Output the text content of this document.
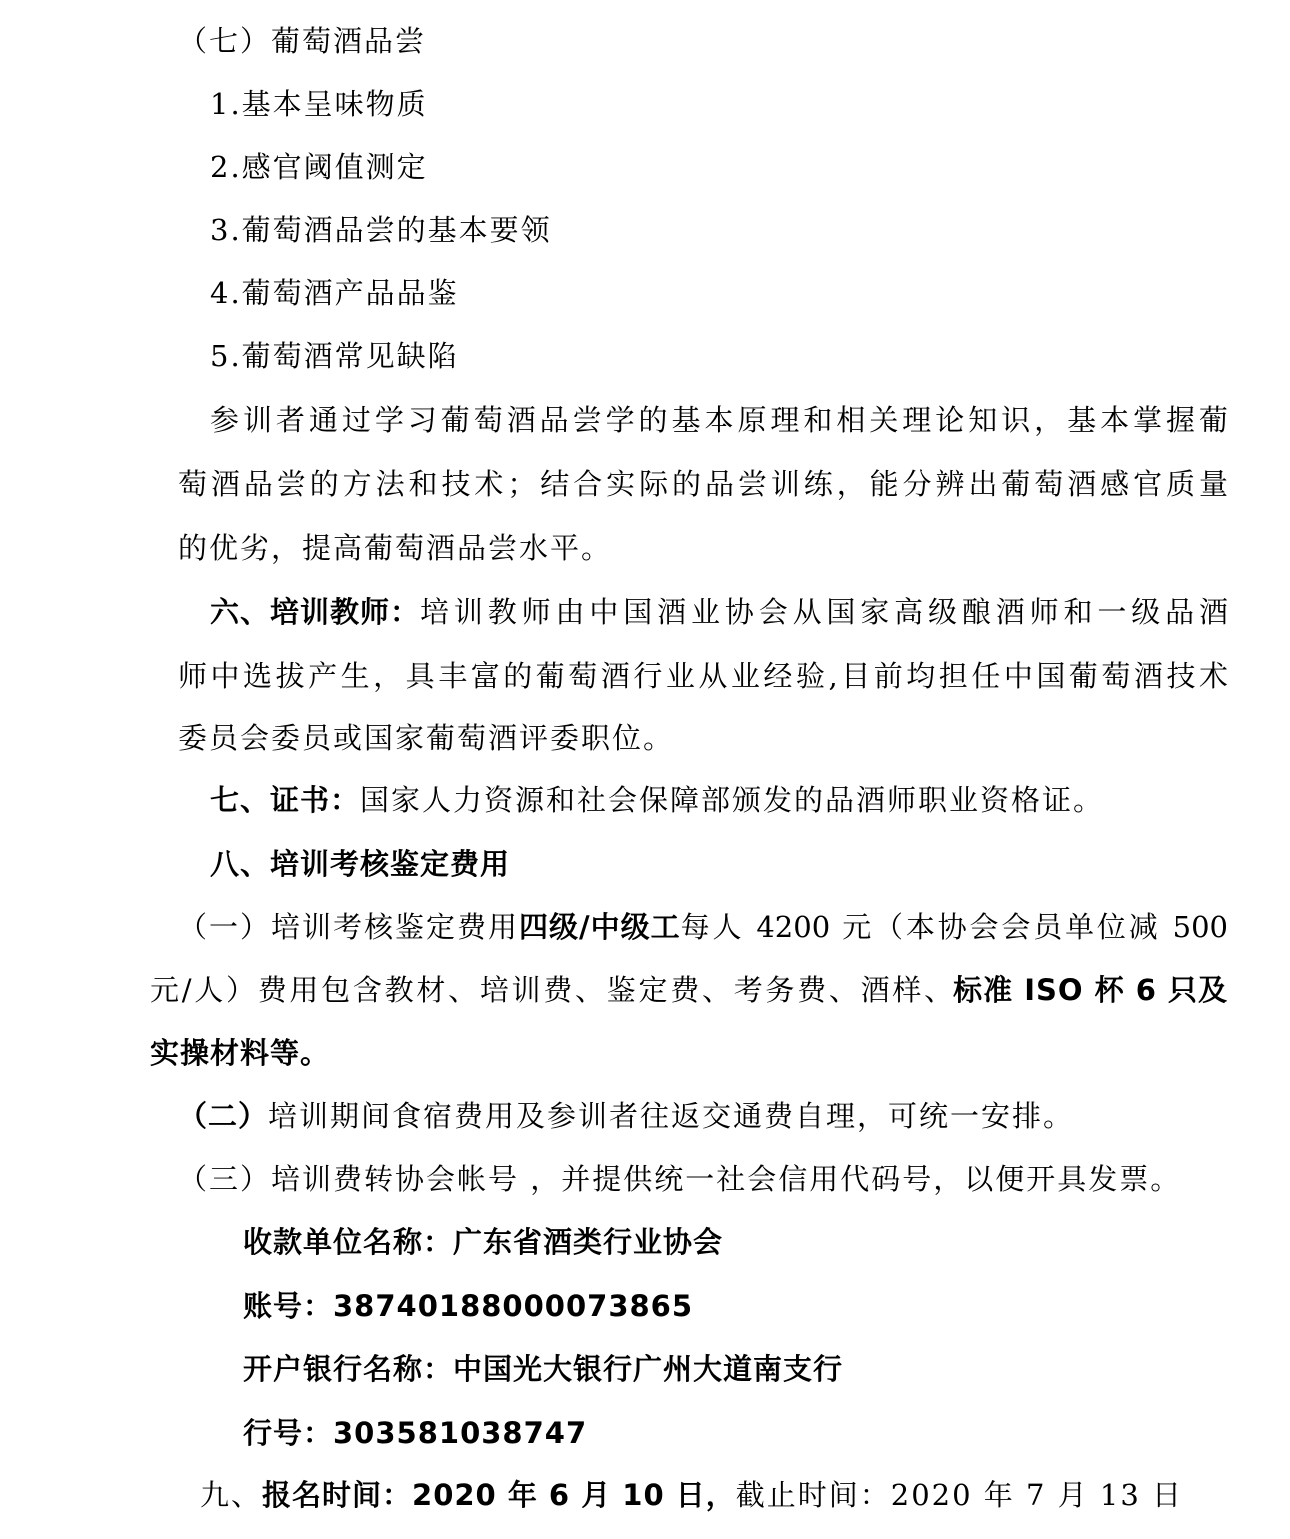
（七）葡萄酒品尝
1.基本呈味物质
2.感官阈值测定
3.葡萄酒品尝的基本要领
4.葡萄酒产品品鉴
5.葡萄酒常见缺陷
参训者通过学习葡萄酒品尝学的基本原理和相关理论知识，基本掌握葡
萄酒品尝的方法和技术；结合实际的品尝训练，能分辨出葡萄酒感官质量
的优劣，提高葡萄酒品尝水平。
六、培训教师： 培训教师由中国酒业协会从国家高级酿酒师和一级品酒
师中选拔产生，具丰富的葡萄酒行业从业经验,目前均担任中国葡萄酒技术
委员会委员或国家葡萄酒评委职位。
七、证书：国家人力资源和社会保障部颁发的品酒师职业资格证。
八、培训考核鉴定费用
（一）培训考核鉴定费用 四级/中级工 每人 4200 元（本协会会员单位减 500
元/人）费用包含教材、培训费、鉴定费、考务费、酒样、 标准 ISO 杯 6 只及
实操材料等。
（二）培训期间食宿费用及参训者往返交通费自理，可统一安排。
（三）培训费转协会帐号 ，并提供统一社会信用代码号，以便开具发票。
收款单位名称：广东省酒类行业协会
账号：38740188000073865
开户银行名称：中国光大银行广州大道南支行
行号：303581038747
九、报名时间：2020 年 6 月 10 日，截止时间：2020 年 7 月 13 日
